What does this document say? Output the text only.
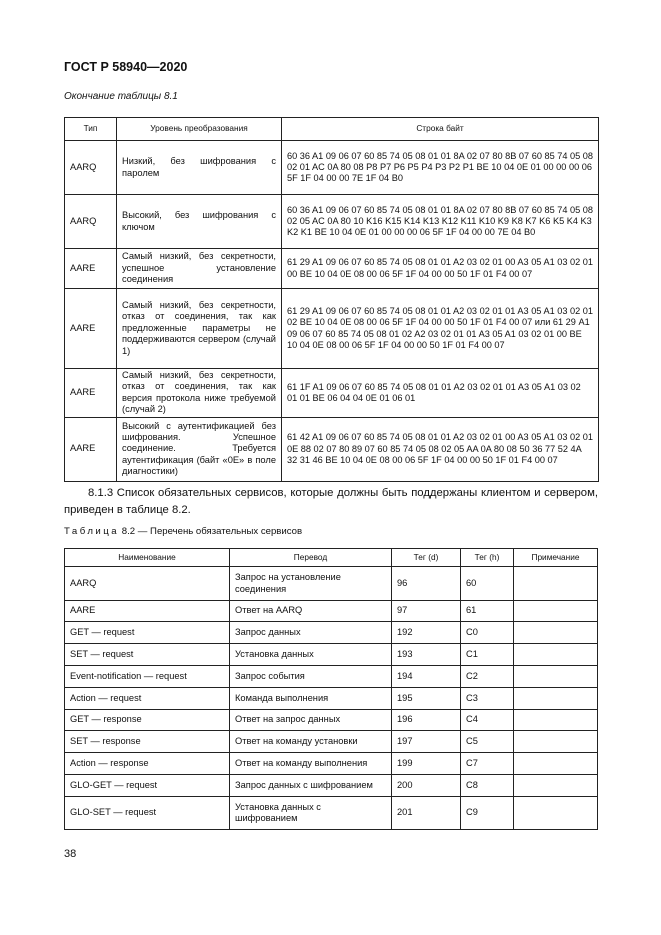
ГОСТ Р 58940—2020
Окончание таблицы 8.1
Тип	Уровень преобразования	Строка байт
AARQ	Низкий, без шифрования с паролем	60 36 A1 09 06 07 60 85 74 05 08 01 01 8A 02 07 80 8B 07 60 85 74 05 08 02 01 AC 0A 80 08 P8 P7 P6 P5 P4 P3 P2 P1 BE 10 04 0E 01 00 00 00 06 5F 1F 04 00 00 7E 1F 04 B0
AARQ	Высокий, без шифрования с ключом	60 36 A1 09 06 07 60 85 74 05 08 01 01 8A 02 07 80 8B 07 60 85 74 05 08 02 05 AC 0A 80 10 K16 K15 K14 K13 K12 K11 K10 K9 K8 K7 K6 K5 K4 K3 K2 K1 BE 10 04 0E 01 00 00 00 06 5F 1F 04 00 00 7E 04 B0
AARE	Самый низкий, без секретности, успешное установление соединения	61 29 A1 09 06 07 60 85 74 05 08 01 01 A2 03 02 01 00 A3 05 A1 03 02 01 00 BE 10 04 0E 08 00 06 5F 1F 04 00 00 50 1F 01 F4 00 07
AARE	Самый низкий, без секретности, отказ от соединения, так как предложенные параметры не поддерживаются сервером (случай 1)	61 29 A1 09 06 07 60 85 74 05 08 01 01 A2 03 02 01 01 A3 05 A1 03 02 01 02 BE 10 04 0E 08 00 06 5F 1F 04 00 00 50 1F 01 F4 00 07 или 61 29 A1 09 06 07 60 85 74 05 08 01 02 A2 03 02 01 01 A3 05 A1 03 02 01 00 BE 10 04 0E 08 00 06 5F 1F 04 00 00 50 1F 01 F4 00 07
AARE	Самый низкий, без секретности, отказ от соединения, так как версия протокола ниже требуемой (случай 2)	61 1F A1 09 06 07 60 85 74 05 08 01 01 A2 03 02 01 01 A3 05 A1 03 02 01 01 BE 06 04 04 0E 01 06 01
AARE	Высокий с аутентификацией без шифрования. Успешное соединение. Требуется аутентификация (байт «0E» в поле диагностики)	61 42 A1 09 06 07 60 85 74 05 08 01 01 A2 03 02 01 00 A3 05 A1 03 02 01 0E 88 02 07 80 89 07 60 85 74 05 08 02 05 AA 0A 80 08 50 36 77 52 4A 32 31 46 BE 10 04 0E 08 00 06 5F 1F 04 00 00 50 1F 01 F4 00 07
8.1.3 Список обязательных сервисов, которые должны быть поддержаны клиентом и сервером, приведен в таблице 8.2.
Таблица 8.2 — Перечень обязательных сервисов
Наименование	Перевод	Тег (d)	Тег (h)	Примечание
AARQ	Запрос на установление соединения	96	60	
AARE	Ответ на AARQ	97	61	
GET — request	Запрос данных	192	C0	
SET — request	Установка данных	193	C1	
Event-notification — request	Запрос события	194	C2	
Action — request	Команда выполнения	195	C3	
GET — response	Ответ на запрос данных	196	C4	
SET — response	Ответ на команду установки	197	C5	
Action — response	Ответ на команду выполнения	199	C7	
GLO-GET — request	Запрос данных с шифрованием	200	C8	
GLO-SET — request	Установка данных с шифрованием	201	C9	
38
